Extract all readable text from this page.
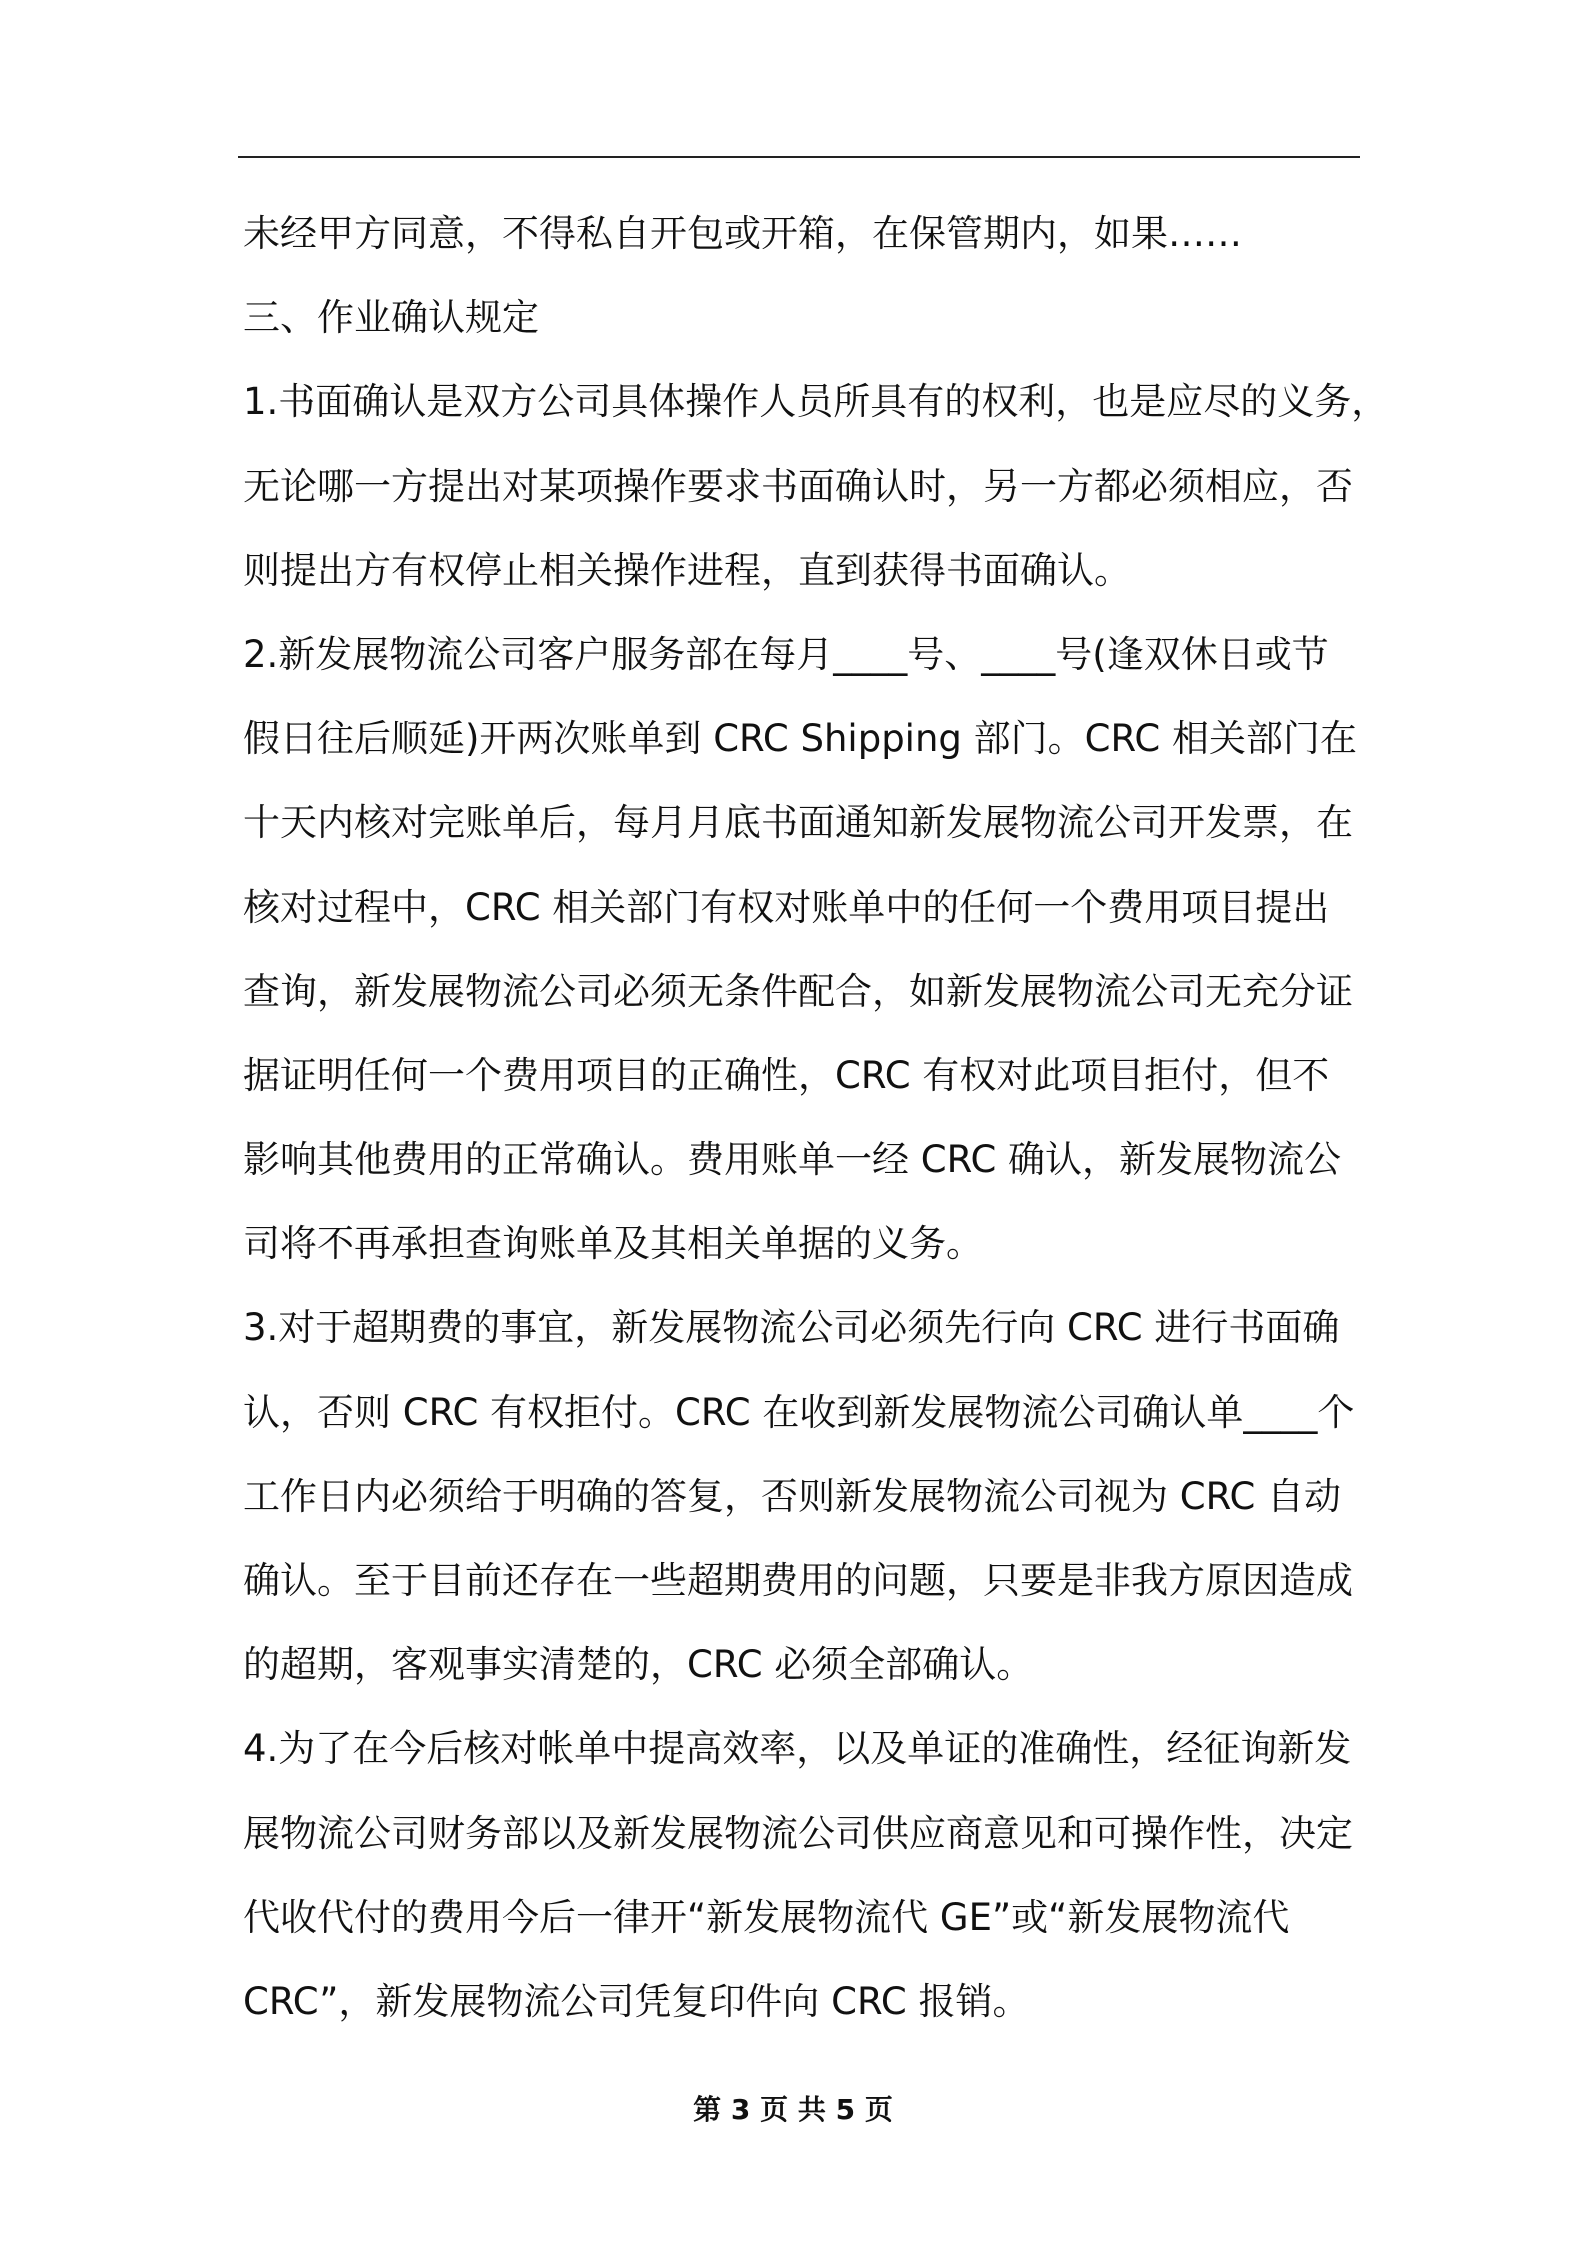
未经甲方同意，不得私自开包或开箱，在保管期内，如果……
三、作业确认规定
1.书面确认是双方公司具体操作人员所具有的权利，也是应尽的义务，
无论哪一方提出对某项操作要求书面确认时，另一方都必须相应，否
则提出方有权停止相关操作进程，直到获得书面确认。
2.新发展物流公司客户服务部在每月____号、____号(逢双休日或节
假日往后顺延)开两次账单到 CRC Shipping 部门。CRC 相关部门在
十天内核对完账单后，每月月底书面通知新发展物流公司开发票，在
核对过程中，CRC 相关部门有权对账单中的任何一个费用项目提出
查询，新发展物流公司必须无条件配合，如新发展物流公司无充分证
据证明任何一个费用项目的正确性，CRC 有权对此项目拒付，但不
影响其他费用的正常确认。费用账单一经 CRC 确认，新发展物流公
司将不再承担查询账单及其相关单据的义务。
3.对于超期费的事宜，新发展物流公司必须先行向 CRC 进行书面确
认，否则 CRC 有权拒付。CRC 在收到新发展物流公司确认单____个
工作日内必须给于明确的答复，否则新发展物流公司视为 CRC 自动
确认。至于目前还存在一些超期费用的问题，只要是非我方原因造成
的超期，客观事实清楚的，CRC 必须全部确认。
4.为了在今后核对帐单中提高效率，以及单证的准确性，经征询新发
展物流公司财务部以及新发展物流公司供应商意见和可操作性，决定
代收代付的费用今后一律开“新发展物流代 GE”或“新发展物流代
CRC”，新发展物流公司凭复印件向 CRC 报销。
第 3 页 共 5 页
